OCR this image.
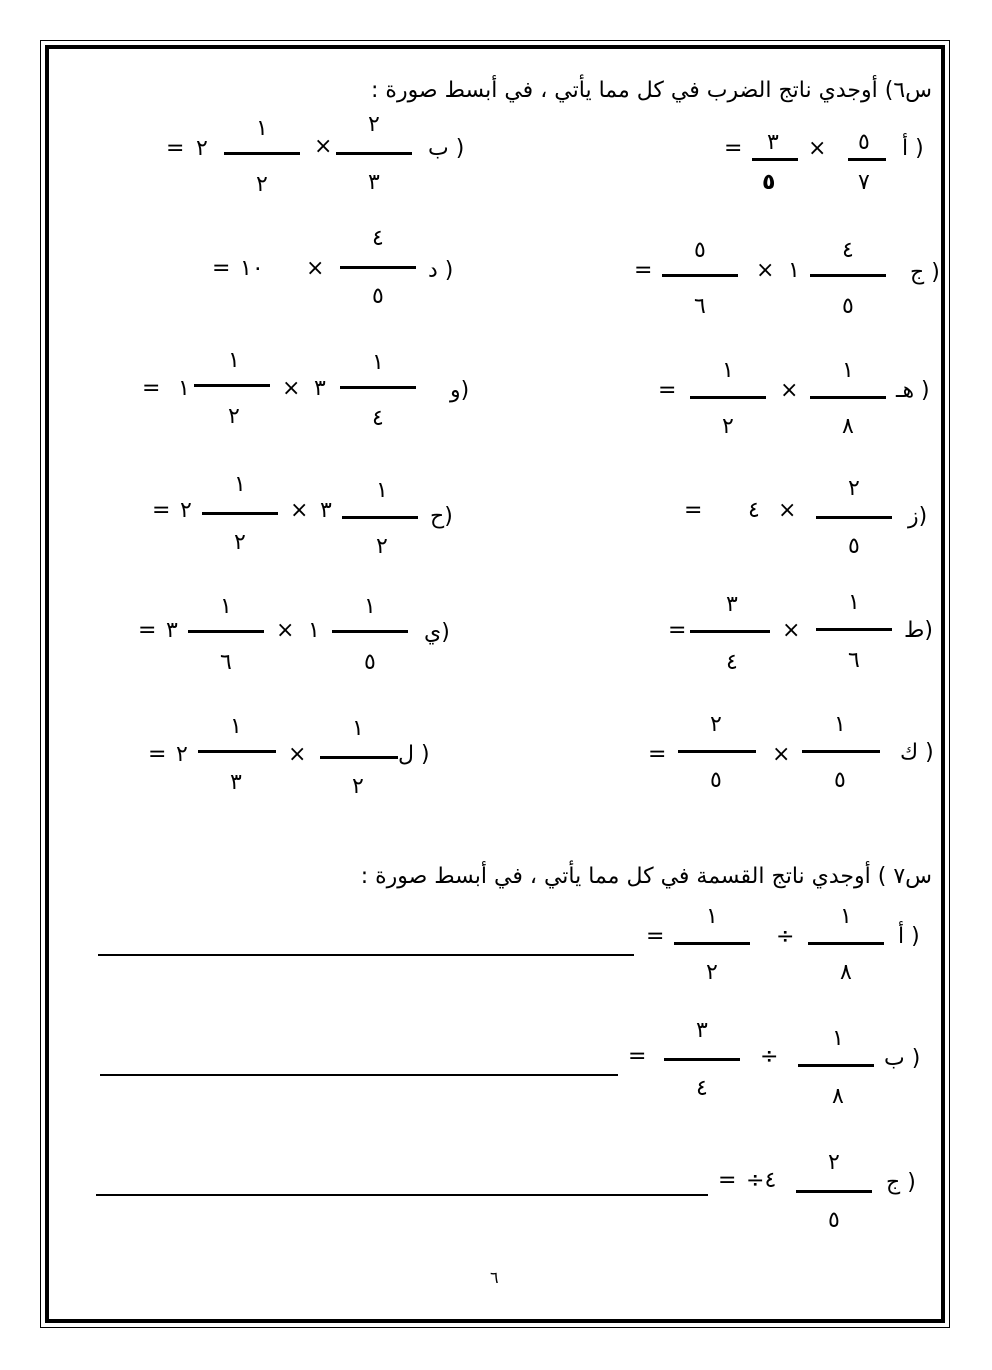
س٦) أوجدي ناتج الضرب في كل مما يأتي ، في أبسط صورة :
أ )
٥
٧
×
٣
٥
=
ب )
٢
٣
×
١
٢
٢
=
ج )
٤
٥
١
×
٥
٦
=
د )
٤
٥
×
١٠
=
هـ )
١
٨
×
١
٢
=
و)
١
٤
٣
×
١
٢
١
=
ز)
٢
٥
×
٤
=
ح)
١
٢
٣
×
١
٢
٢
=
ط)
١
٦
×
٣
٤
=
ي)
١
٥
١
×
١
٦
٣
=
ك )
١
٥
×
٢
٥
=
ل )
١
٢
×
١
٣
٢
=
س٧ ) أوجدي ناتج القسمة في كل مما يأتي ، في أبسط صورة :
أ )
١
٨
÷
١
٢
=
ب )
١
٨
÷
٣
٤
=
ج )
٢
٥
÷٤
=
٦
